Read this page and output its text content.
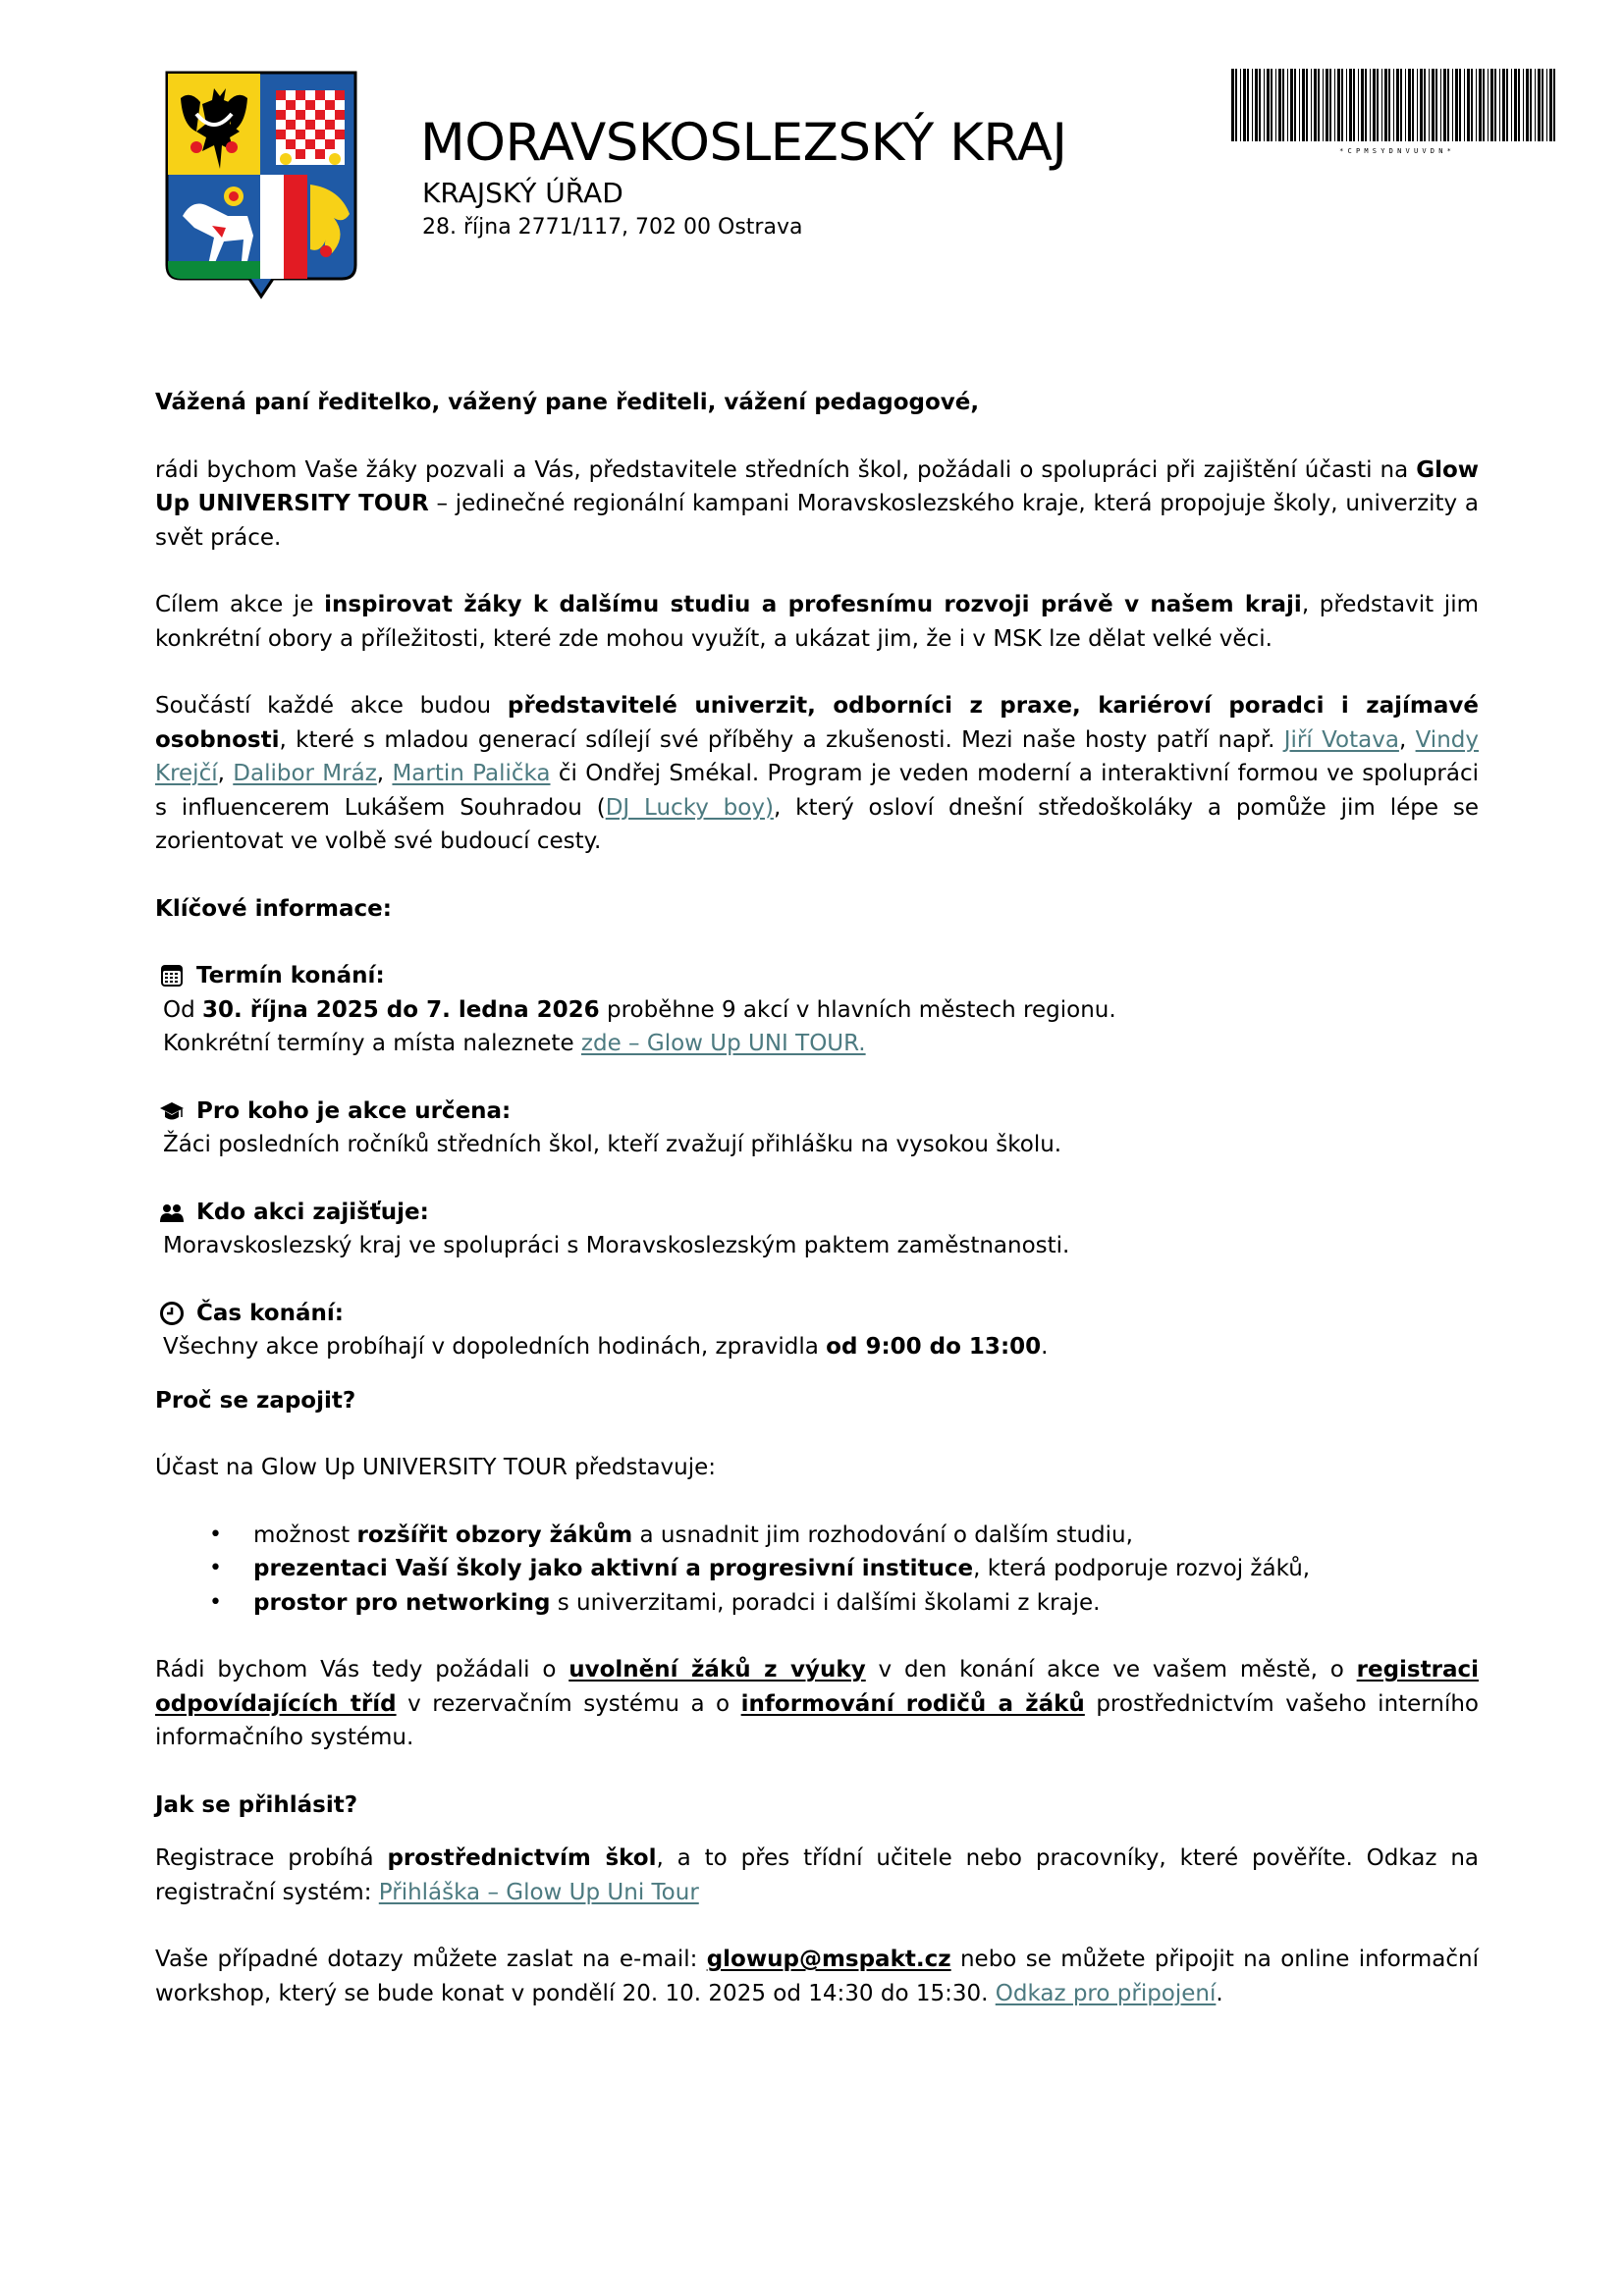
MORAVSKOSLEZSKÝ KRAJ
KRAJSKÝ ÚŘAD
28. října 2771/117, 702 00 Ostrava
* C P M S Y D N V U V D N *

Vážená paní ředitelko, vážený pane řediteli, vážení pedagogové,

rádi bychom Vaše žáky pozvali a Vás, představitele středních škol, požádali o spolupráci při zajištění účasti na Glow Up UNIVERSITY TOUR – jedinečné regionální kampani Moravskoslezského kraje, která propojuje školy, univerzity a svět práce.

Cílem akce je inspirovat žáky k dalšímu studiu a profesnímu rozvoji právě v našem kraji, představit jim konkrétní obory a příležitosti, které zde mohou využít, a ukázat jim, že i v MSK lze dělat velké věci.

Součástí každé akce budou představitelé univerzit, odborníci z praxe, kariéroví poradci i zajímavé osobnosti, které s mladou generací sdílejí své příběhy a zkušenosti. Mezi naše hosty patří např. Jiří Votava, Vindy Krejčí, Dalibor Mráz, Martin Palička či Ondřej Smékal. Program je veden moderní a interaktivní formou ve spolupráci s influencerem Lukášem Souhradou (DJ Lucky boy), který osloví dnešní středoškoláky a pomůže jim lépe se zorientovat ve volbě své budoucí cesty.

Klíčové informace:

Termín konání:
Od 30. října 2025 do 7. ledna 2026 proběhne 9 akcí v hlavních městech regionu.
Konkrétní termíny a místa naleznete zde – Glow Up UNI TOUR.
Pro koho je akce určena:
Žáci posledních ročníků středních škol, kteří zvažují přihlášku na vysokou školu.
Kdo akci zajišťuje:
Moravskoslezský kraj ve spolupráci s Moravskoslezským paktem zaměstnanosti.
Čas konání:
Všechny akce probíhají v dopoledních hodinách, zpravidla od 9:00 do 13:00.

Proč se zapojit?

Účast na Glow Up UNIVERSITY TOUR představuje:

• možnost rozšířit obzory žákům a usnadnit jim rozhodování o dalším studiu,
• prezentaci Vaší školy jako aktivní a progresivní instituce, která podporuje rozvoj žáků,
• prostor pro networking s univerzitami, poradci i dalšími školami z kraje.

Rádi bychom Vás tedy požádali o uvolnění žáků z výuky v den konání akce ve vašem městě, o registraci odpovídajících tříd v rezervačním systému a o informování rodičů a žáků prostřednictvím vašeho interního informačního systému.

Jak se přihlásit?

Registrace probíhá prostřednictvím škol, a to přes třídní učitele nebo pracovníky, které pověříte. Odkaz na registrační systém: Přihláška – Glow Up Uni Tour

Vaše případné dotazy můžete zaslat na e-mail: glowup@mspakt.cz nebo se můžete připojit na online informační workshop, který se bude konat v pondělí 20. 10. 2025 od 14:30 do 15:30. Odkaz pro připojení.
